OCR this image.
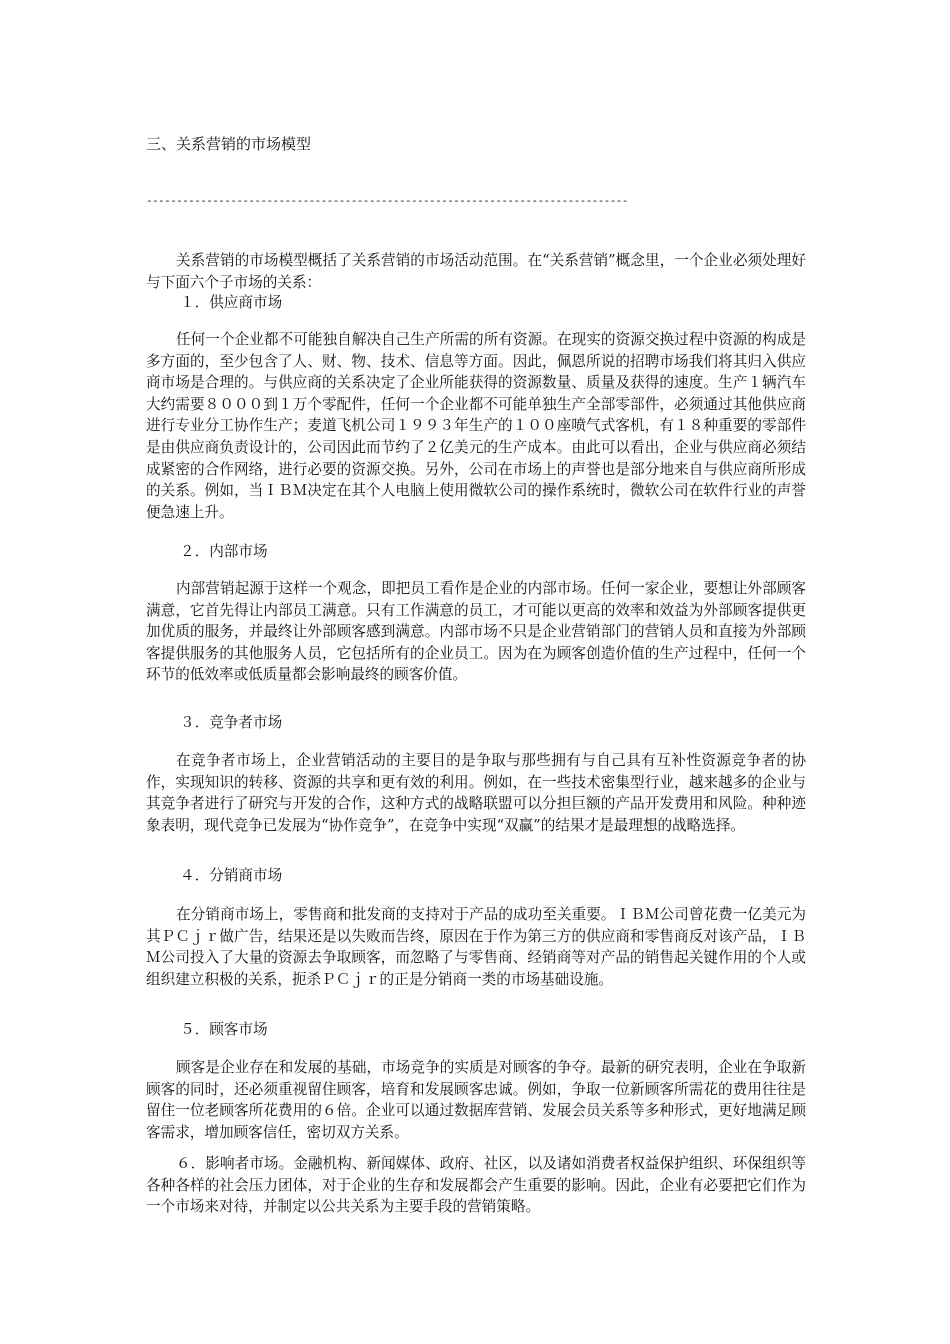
三、关系营销的市场模型
--------------------------------------------------------------------------------

关系营销的市场模型概括了关系营销的市场活动范围。在“关系营销”概念里，一个企业必须处理好与下面六个子市场的关系：

１．供应商市场

任何一个企业都不可能独自解决自己生产所需的所有资源。在现实的资源交换过程中资源的构成是多方面的，至少包含了人、财、物、技术、信息等方面。因此，佩恩所说的招聘市场我们将其归入供应商市场是合理的。与供应商的关系决定了企业所能获得的资源数量、质量及获得的速度。生产１辆汽车大约需要８０００到１万个零配件，任何一个企业都不可能单独生产全部零部件，必须通过其他供应商进行专业分工协作生产；麦道飞机公司１９９３年生产的１００座喷气式客机，有１８种重要的零部件是由供应商负责设计的，公司因此而节约了２亿美元的生产成本。由此可以看出，企业与供应商必须结成紧密的合作网络，进行必要的资源交换。另外，公司在市场上的声誉也是部分地来自与供应商所形成的关系。例如，当ＩＢＭ决定在其个人电脑上使用微软公司的操作系统时，微软公司在软件行业的声誉便急速上升。

２．内部市场

内部营销起源于这样一个观念，即把员工看作是企业的内部市场。任何一家企业，要想让外部顾客满意，它首先得让内部员工满意。只有工作满意的员工，才可能以更高的效率和效益为外部顾客提供更加优质的服务，并最终让外部顾客感到满意。内部市场不只是企业营销部门的营销人员和直接为外部顾客提供服务的其他服务人员，它包括所有的企业员工。因为在为顾客创造价值的生产过程中，任何一个环节的低效率或低质量都会影响最终的顾客价值。

３．竞争者市场

在竞争者市场上，企业营销活动的主要目的是争取与那些拥有与自己具有互补性资源竞争者的协作，实现知识的转移、资源的共享和更有效的利用。例如，在一些技术密集型行业，越来越多的企业与其竞争者进行了研究与开发的合作，这种方式的战略联盟可以分担巨额的产品开发费用和风险。种种迹象表明，现代竞争已发展为“协作竞争”，在竞争中实现“双赢”的结果才是最理想的战略选择。

４．分销商市场

在分销商市场上，零售商和批发商的支持对于产品的成功至关重要。ＩＢＭ公司曾花费一亿美元为其ＰＣｊｒ做广告，结果还是以失败而告终，原因在于作为第三方的供应商和零售商反对该产品，ＩＢＭ公司投入了大量的资源去争取顾客，而忽略了与零售商、经销商等对产品的销售起关键作用的个人或组织建立积极的关系，扼杀ＰＣｊｒ的正是分销商一类的市场基础设施。

５．顾客市场

顾客是企业存在和发展的基础，市场竞争的实质是对顾客的争夺。最新的研究表明，企业在争取新顾客的同时，还必须重视留住顾客，培育和发展顾客忠诚。例如，争取一位新顾客所需花的费用往往是留住一位老顾客所花费用的６倍。企业可以通过数据库营销、发展会员关系等多种形式，更好地满足顾客需求，增加顾客信任，密切双方关系。

６．影响者市场。金融机构、新闻媒体、政府、社区，以及诸如消费者权益保护组织、环保组织等各种各样的社会压力团体，对于企业的生存和发展都会产生重要的影响。因此，企业有必要把它们作为一个市场来对待，并制定以公共关系为主要手段的营销策略。
